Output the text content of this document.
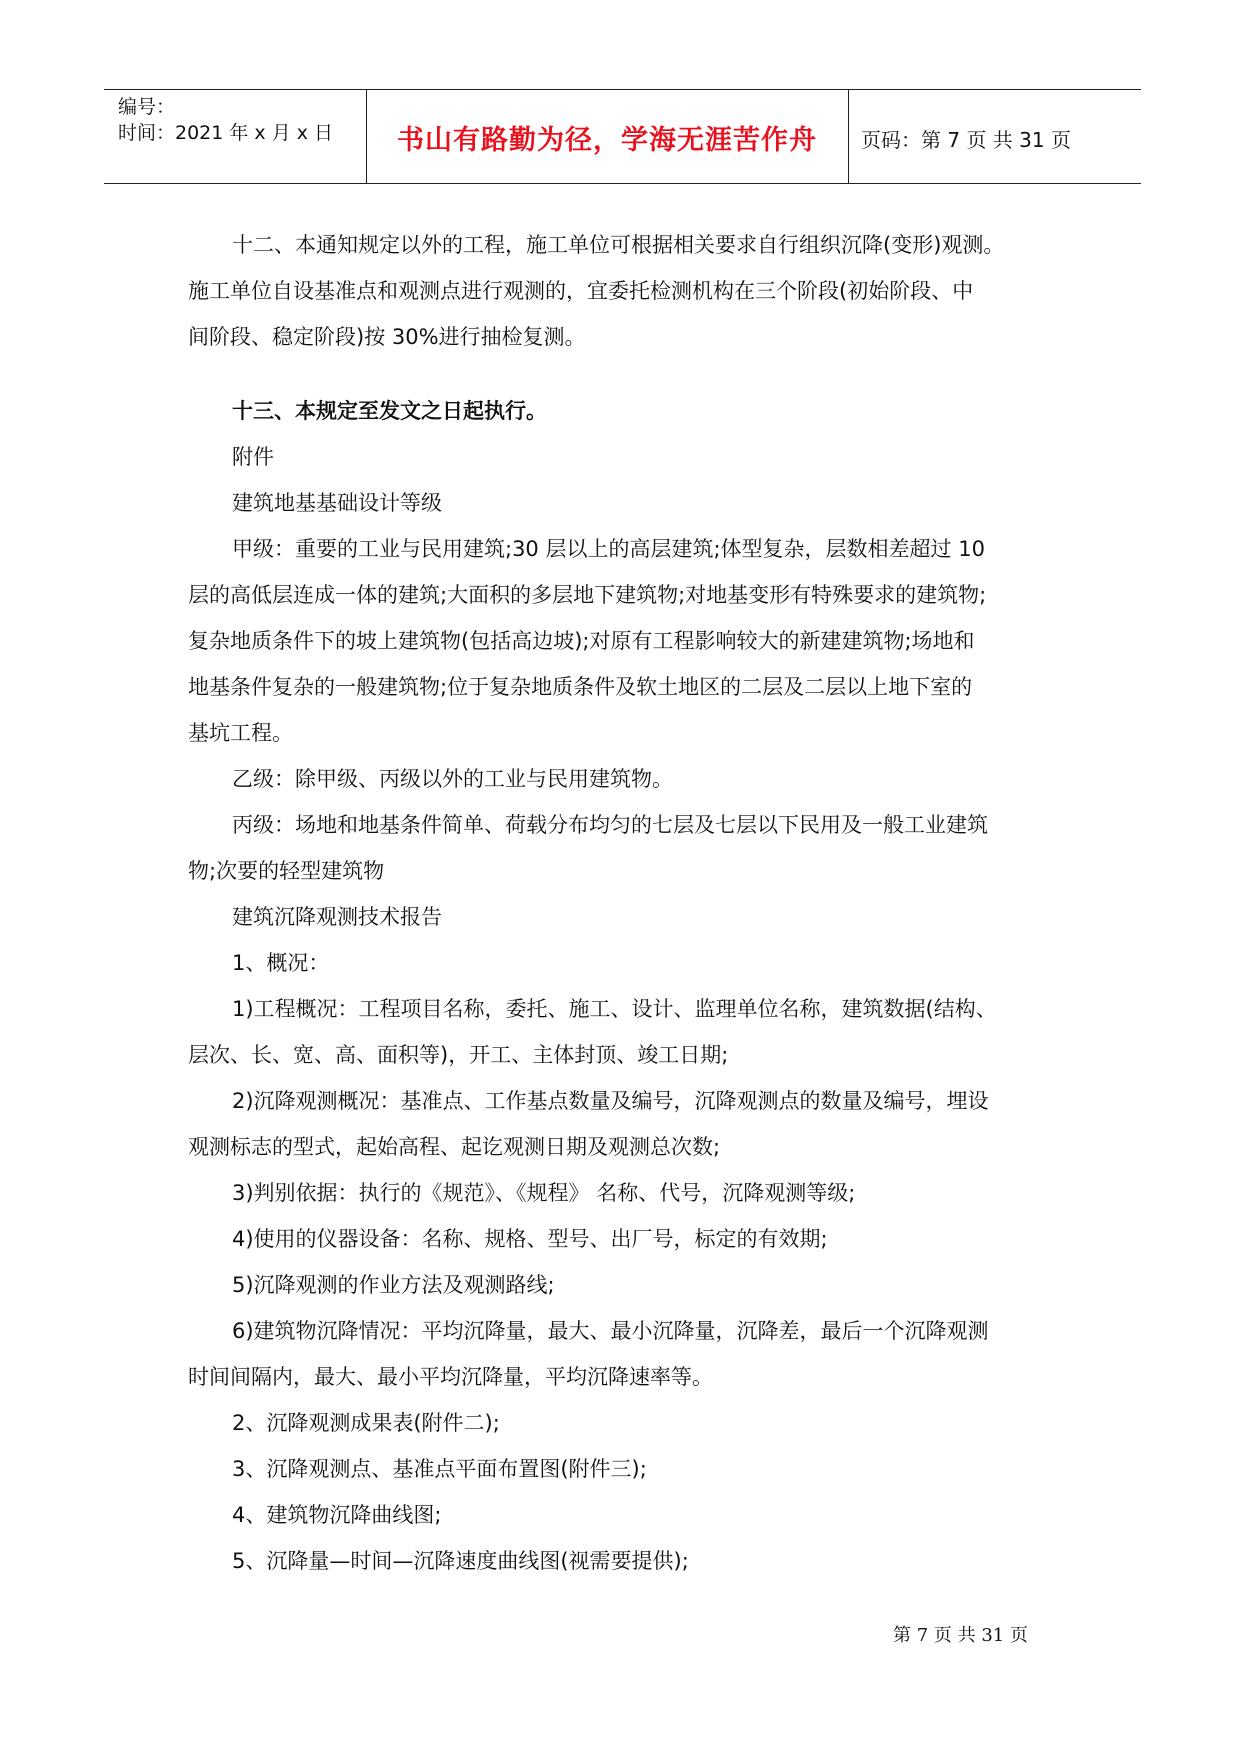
编号：
时间：2021 年 x 月 x 日	书山有路勤为径，学海无涯苦作舟	页码：第 7 页 共 31 页

十二、本通知规定以外的工程，施工单位可根据相关要求自行组织沉降(变形)观测。

施工单位自设基准点和观测点进行观测的，宜委托检测机构在三个阶段(初始阶段、中

间阶段、稳定阶段)按 30%进行抽检复测。

十三、本规定至发文之日起执行。

附件

建筑地基基础设计等级

甲级：重要的工业与民用建筑;30 层以上的高层建筑;体型复杂，层数相差超过 10

层的高低层连成一体的建筑;大面积的多层地下建筑物;对地基变形有特殊要求的建筑物;

复杂地质条件下的坡上建筑物(包括高边坡);对原有工程影响较大的新建建筑物;场地和

地基条件复杂的一般建筑物;位于复杂地质条件及软土地区的二层及二层以上地下室的

基坑工程。

乙级：除甲级、丙级以外的工业与民用建筑物。

丙级：场地和地基条件简单、荷载分布均匀的七层及七层以下民用及一般工业建筑

物;次要的轻型建筑物

建筑沉降观测技术报告

1、概况：

1)工程概况：工程项目名称，委托、施工、设计、监理单位名称，建筑数据(结构、

层次、长、宽、高、面积等)，开工、主体封顶、竣工日期;

2)沉降观测概况：基准点、工作基点数量及编号，沉降观测点的数量及编号，埋设

观测标志的型式，起始高程、起讫观测日期及观测总次数;

3)判别依据：执行的《规范》、《规程》 名称、代号，沉降观测等级;

4)使用的仪器设备：名称、规格、型号、出厂号，标定的有效期;

5)沉降观测的作业方法及观测路线;

6)建筑物沉降情况：平均沉降量，最大、最小沉降量，沉降差，最后一个沉降观测

时间间隔内，最大、最小平均沉降量，平均沉降速率等。

2、沉降观测成果表(附件二);

3、沉降观测点、基准点平面布置图(附件三);

4、建筑物沉降曲线图;

5、沉降量—时间—沉降速度曲线图(视需要提供);

第 7 页 共 31 页
